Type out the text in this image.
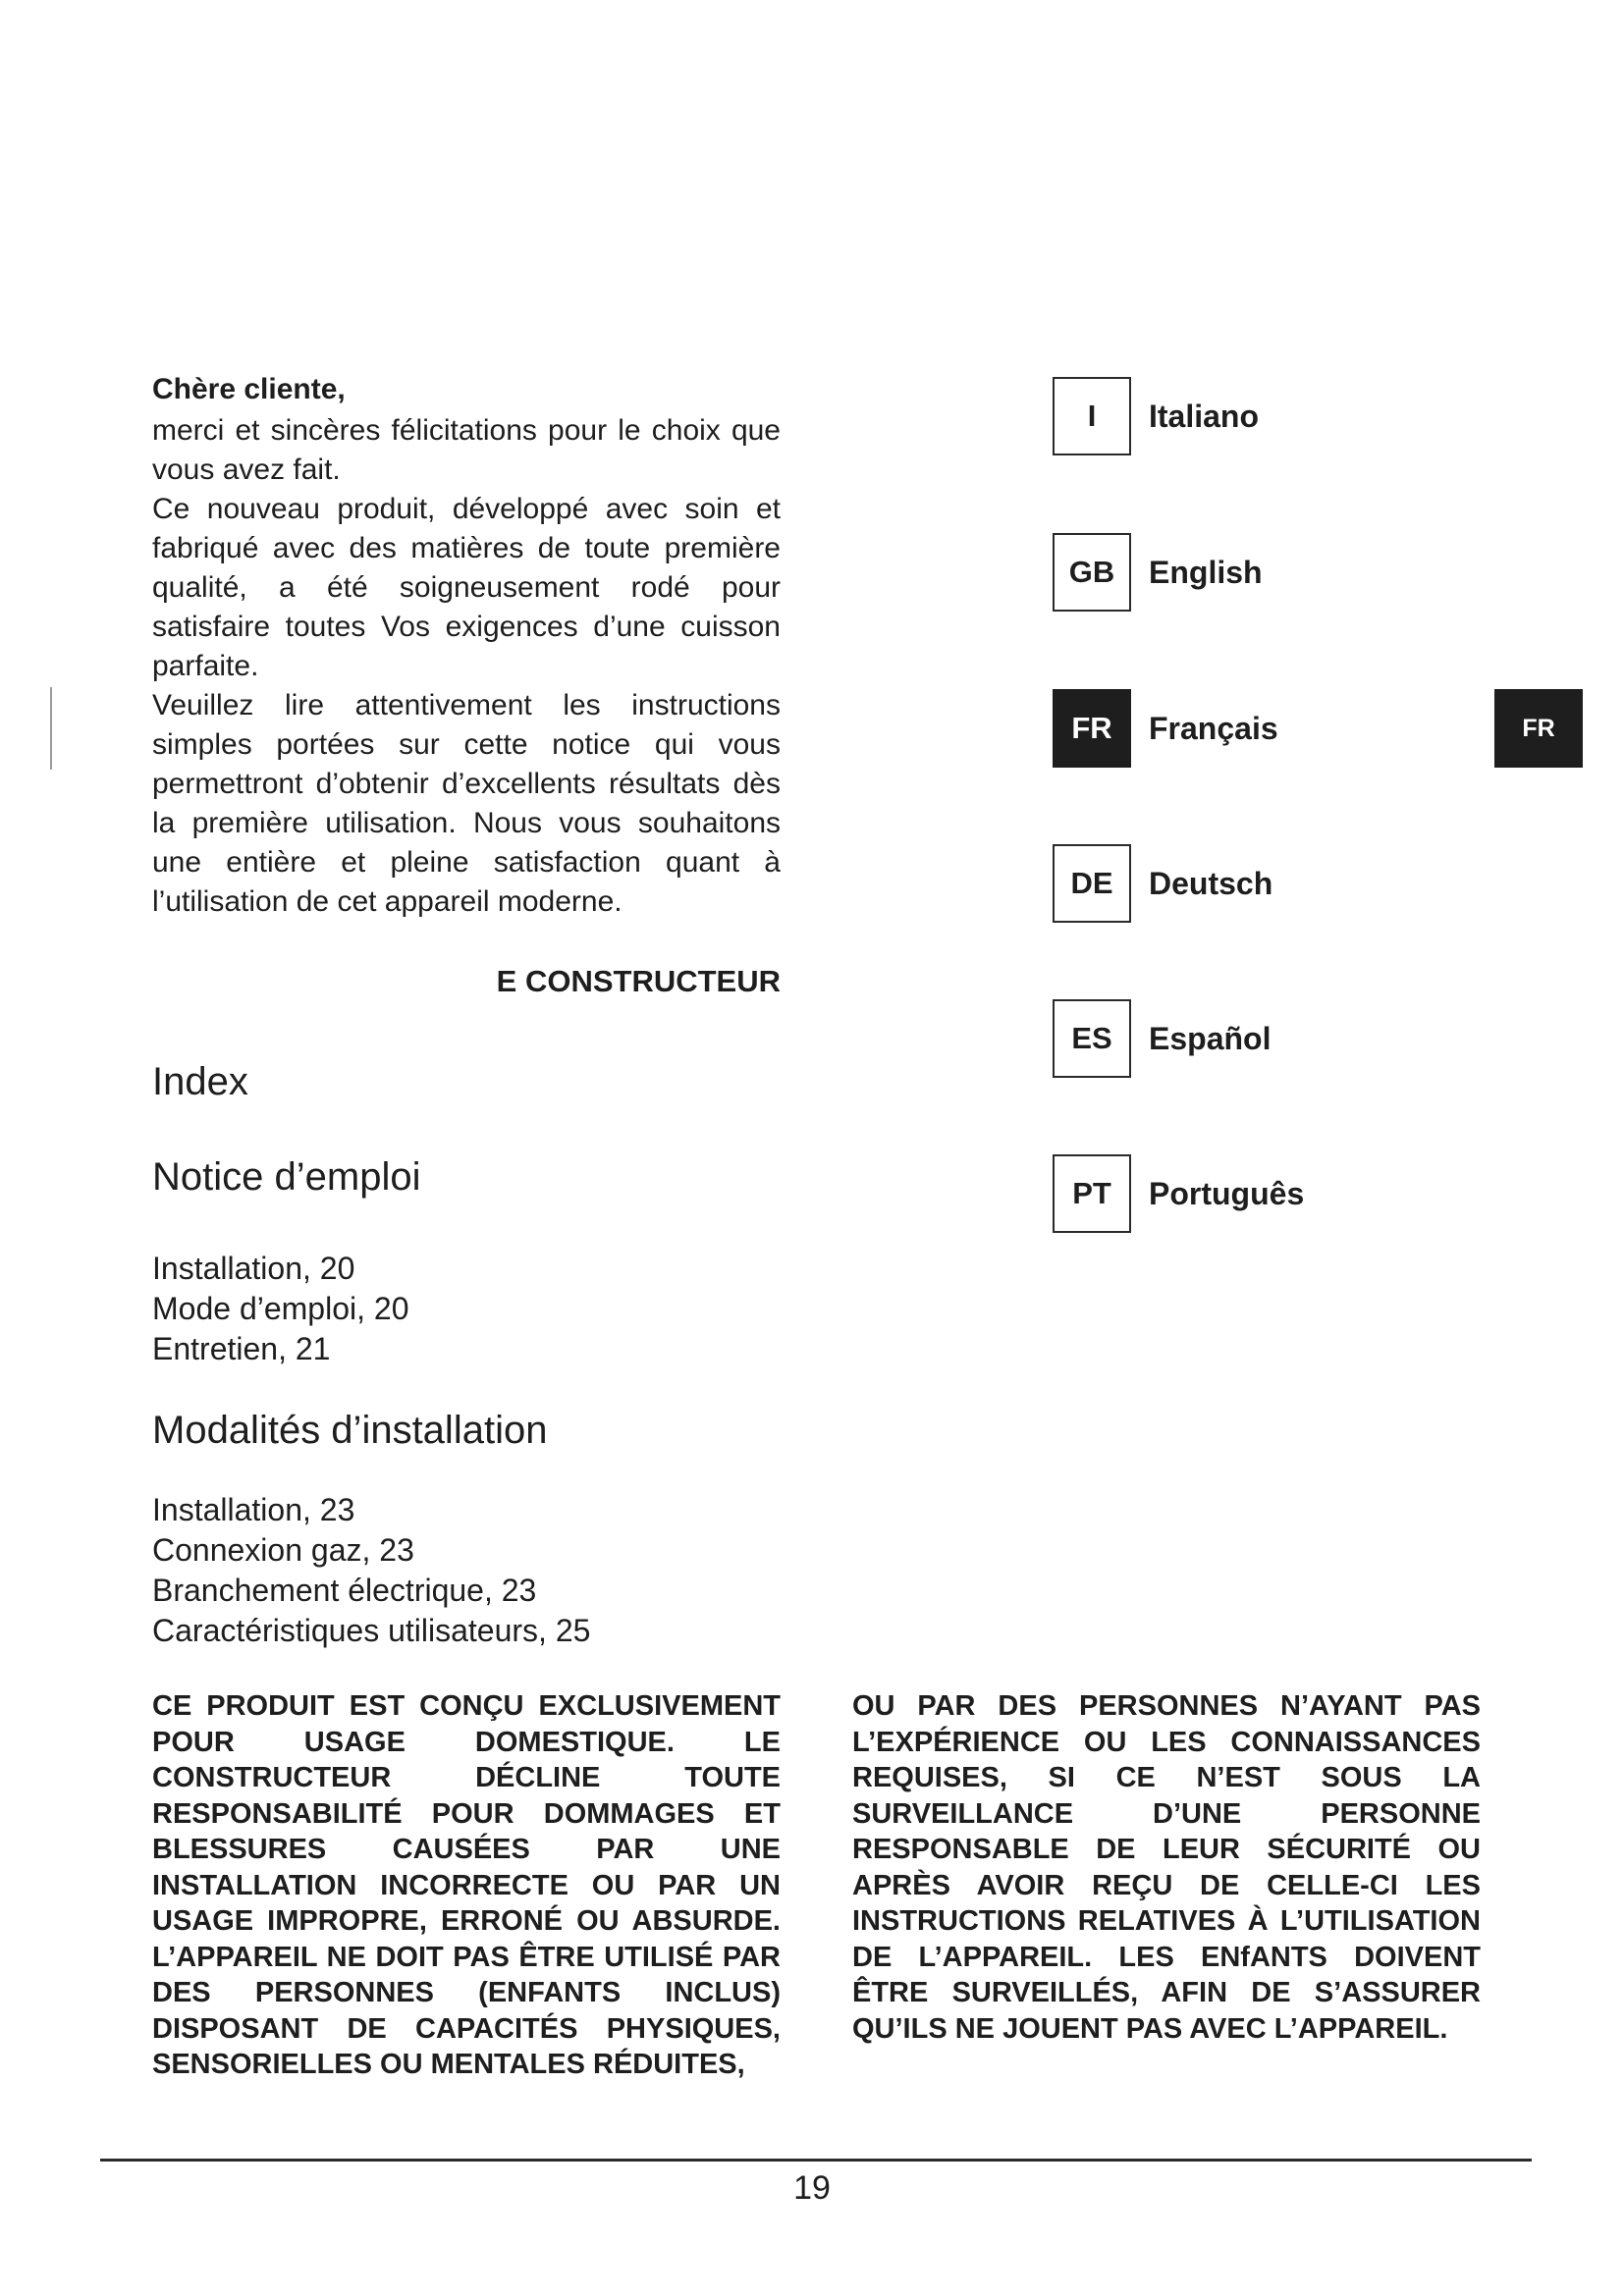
Chère cliente,

merci et sincères félicitations pour le choix que vous avez fait.

Ce nouveau produit, développé avec soin et fabriqué avec des matières de toute première qualité, a été soigneusement rodé pour satisfaire toutes Vos exigences d’une cuisson parfaite.

Veuillez lire attentivement les instructions simples portées sur cette notice qui vous permettront d’obtenir d’excellents résultats dès la première utilisation. Nous vous souhaitons une entière et pleine satisfaction quant à l’utilisation de cet appareil moderne.

E CONSTRUCTEUR
Index
Notice d’emploi
Installation, 20
Mode d’emploi, 20
Entretien, 21
Modalités d’installation
Installation, 23
Connexion gaz, 23
Branchement électrique, 23
Caractéristiques utilisateurs, 25
CE PRODUIT EST CONÇU EXCLUSIVEMENT POUR USAGE DOMESTIQUE. LE CONSTRUCTEUR DÉCLINE TOUTE RESPONSABILITÉ POUR DOMMAGES ET BLESSURES CAUSÉES PAR UNE INSTALLATION INCORRECTE OU PAR UN USAGE IMPROPRE, ERRONÉ OU ABSURDE. L’APPAREIL NE DOIT PAS ÊTRE UTILISÉ PAR DES PERSONNES (ENFANTS INCLUS) DISPOSANT DE CAPACITÉS PHYSIQUES, SENSORIELLES OU MENTALES RÉDUITES,
OU PAR DES PERSONNES N’AYANT PAS L’EXPÉRIENCE OU LES CONNAISSANCES REQUISES, SI CE N’EST SOUS LA SURVEILLANCE D’UNE PERSONNE RESPONSABLE DE LEUR SÉCURITÉ OU APRÈS AVOIR REÇU DE CELLE-CI LES INSTRUCTIONS RELATIVES À L’UTILISATION DE L’APPAREIL. LES ENfANTS DOIVENT ÊTRE SURVEILLÉS, AFIN DE S’ASSURER QU’ILS NE JOUENT PAS AVEC L’APPAREIL.
I	Italiano
GB	English
FR	Français
DE	Deutsch
ES	Español
PT	Português
FR
19
